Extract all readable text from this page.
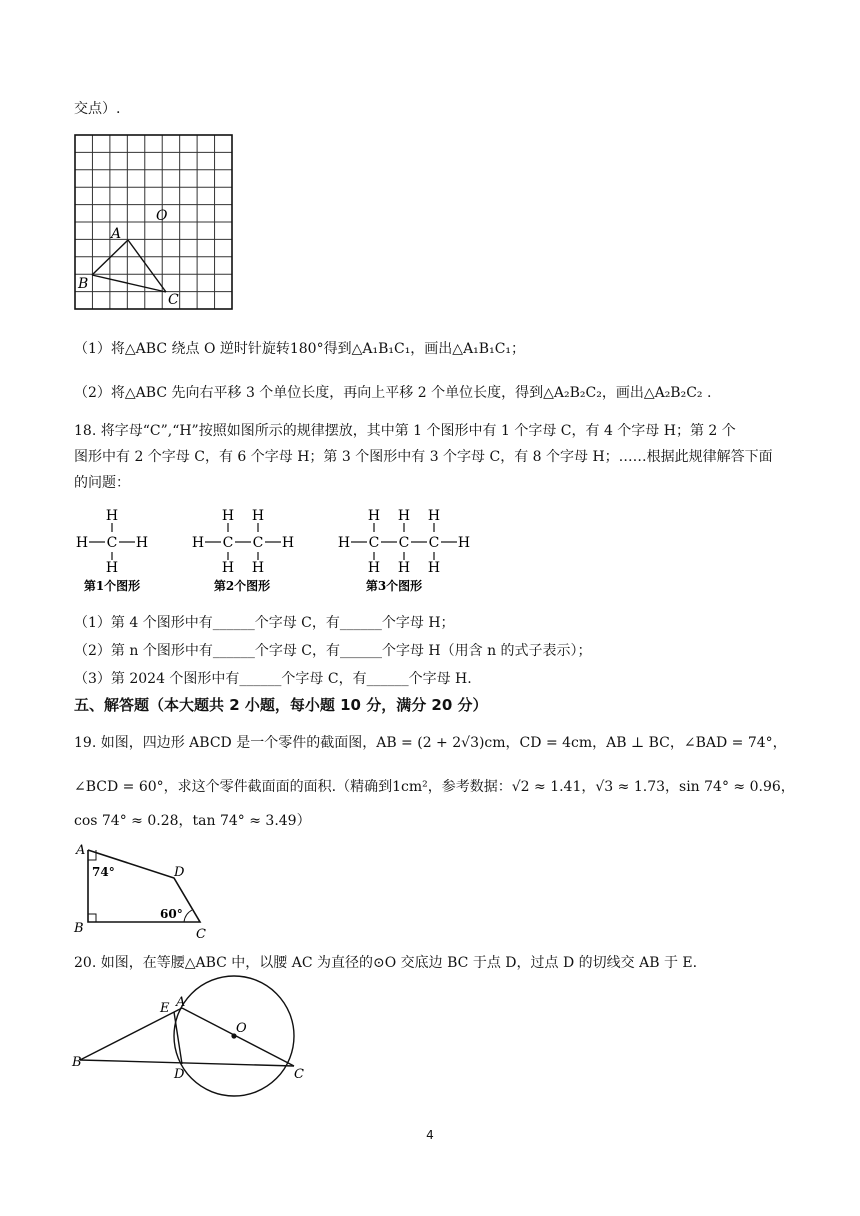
交点）.
A
B
C
O
（1）将△ABC 绕点 O 逆时针旋转180°得到△A₁B₁C₁，画出△A₁B₁C₁；
（2）将△ABC 先向右平移 3 个单位长度，再向上平移 2 个单位长度，得到△A₂B₂C₂，画出△A₂B₂C₂ .
18. 将字母“C”,“H”按照如图所示的规律摆放，其中第 1 个图形中有 1 个字母 C，有 4 个字母 H；第 2 个
图形中有 2 个字母 C，有 6 个字母 H；第 3 个图形中有 3 个字母 C，有 8 个字母 H；……根据此规律解答下面
的问题：
H C
H
H
H	H C
H
H
C
H
H
H	H C
H
H
C
H
H
C
H
H
H
第1个图形	第2个图形	第3个图形
（1）第 4 个图形中有______个字母 C，有______个字母 H；
（2）第 n 个图形中有______个字母 C，有______个字母 H（用含 n 的式子表示）；
（3）第 2024 个图形中有______个字母 C，有______个字母 H.
五、解答题（本大题共 2 小题，每小题 10 分，满分 20 分）
19. 如图，四边形 ABCD 是一个零件的截面图，AB = (2 + 2√3)cm，CD = 4cm，AB ⊥ BC，∠BAD = 74°，
∠BCD = 60°，求这个零件截面面的面积.（精确到1cm²，参考数据：√2 ≈ 1.41，√3 ≈ 1.73，sin 74° ≈ 0.96，
cos 74° ≈ 0.28，tan 74° ≈ 3.49）
A
B	C
D
74°
60°
20. 如图，在等腰△ABC 中，以腰 AC 为直径的⊙O 交底边 BC 于点 D，过点 D 的切线交 AB 于 E.
B
A
E
D	C
O
4
